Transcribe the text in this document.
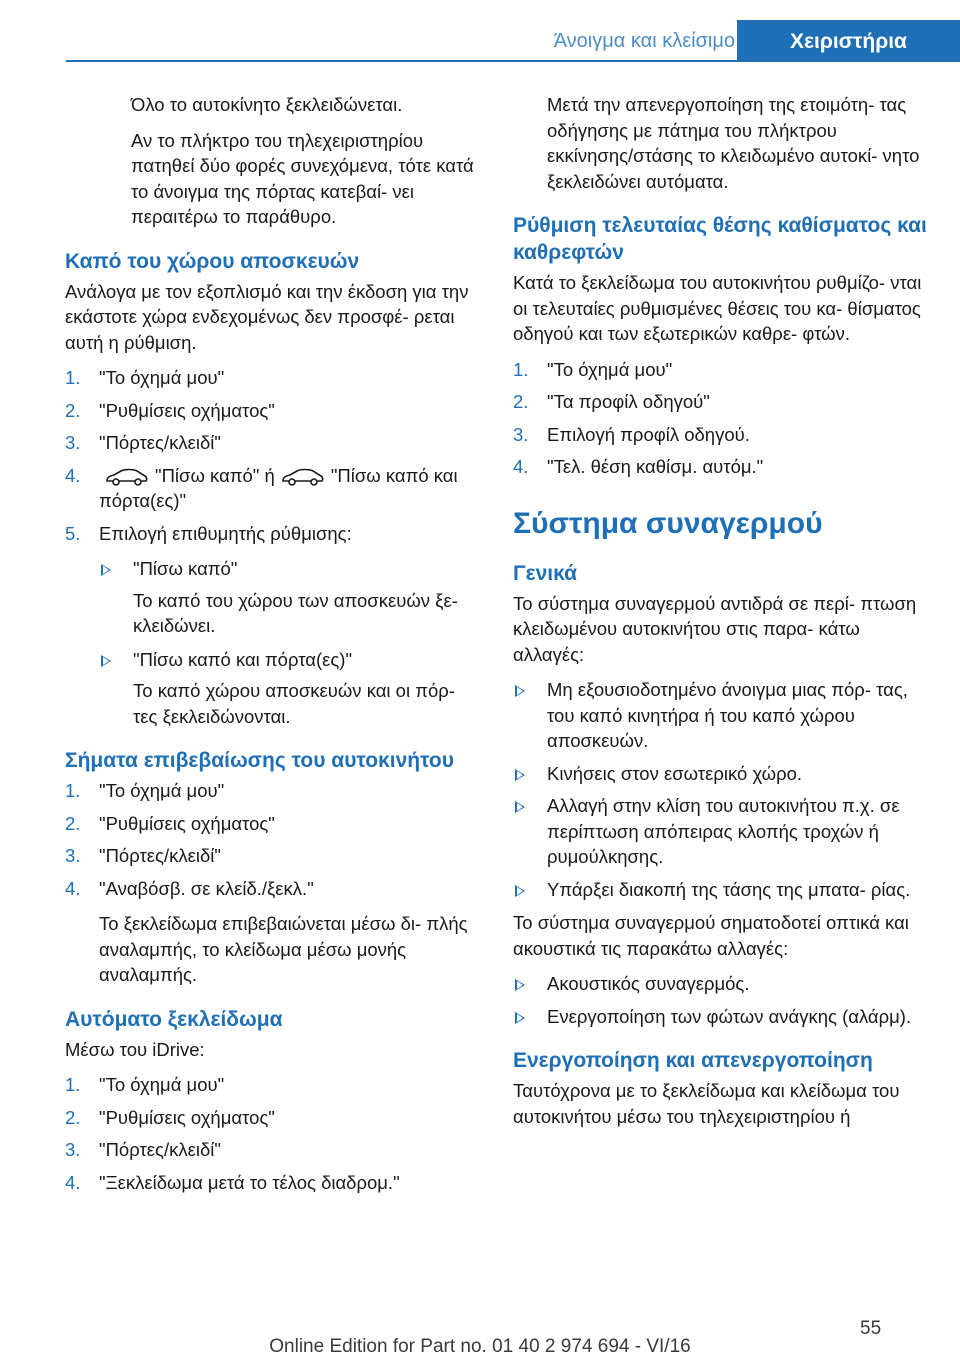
Άνοιγμα και κλείσιμο	Χειριστήρια

Όλο το αυτοκίνητο ξεκλειδώνεται.

Αν το πλήκτρο του τηλεχειριστηρίου πατηθεί δύο φορές συνεχόμενα, τότε κατά το άνοιγμα της πόρτας κατεβαί- νει περαιτέρω το παράθυρο.

Καπό του χώρου αποσκευών

Ανάλογα με τον εξοπλισμό και την έκδοση για την εκάστοτε χώρα ενδεχομένως δεν προσφέ- ρεται αυτή η ρύθμιση.

1. "Το όχημά μου"
2. "Ρυθμίσεις οχήματος"
3. "Πόρτες/κλειδί"
4.	"Πίσω καπό" ή	"Πίσω καπό και πόρτα(ες)"
5. Επιλογή επιθυμητής ρύθμισης:
"Πίσω καπό"
Το καπό του χώρου των αποσκευών ξε- κλειδώνει.
"Πίσω καπό και πόρτα(ες)"
Το καπό χώρου αποσκευών και οι πόρ- τες ξεκλειδώνονται.
Σήματα επιβεβαίωσης του αυτοκινήτου
1. "Το όχημά μου"
2. "Ρυθμίσεις οχήματος"
3. "Πόρτες/κλειδί"
4. "Αναβόσβ. σε κλείδ./ξεκλ."

Το ξεκλείδωμα επιβεβαιώνεται μέσω δι- πλής αναλαμπής, το κλείδωμα μέσω μονής αναλαμπής.

Αυτόματο ξεκλείδωμα

Μέσω του iDrive:

1. "Το όχημά μου"
2. "Ρυθμίσεις οχήματος"
3. "Πόρτες/κλειδί"
4. "Ξεκλείδωμα μετά το τέλος διαδρομ."

Μετά την απενεργοποίηση της ετοιμότη- τας οδήγησης με πάτημα του πλήκτρου εκκίνησης/στάσης το κλειδωμένο αυτοκί- νητο ξεκλειδώνει αυτόματα.

Ρύθμιση τελευταίας θέσης καθίσματος και καθρεφτών

Κατά το ξεκλείδωμα του αυτοκινήτου ρυθμίζο- νται οι τελευταίες ρυθμισμένες θέσεις του κα- θίσματος οδηγού και των εξωτερικών καθρε- φτών.

1. "Το όχημά μου"
2. "Τα προφίλ οδηγού"
3. Επιλογή προφίλ οδηγού.
4. "Τελ. θέση καθίσμ. αυτόμ."
Σύστημα συναγερμού
Γενικά

Το σύστημα συναγερμού αντιδρά σε περί- πτωση κλειδωμένου αυτοκινήτου στις παρα- κάτω αλλαγές:

Μη εξουσιοδοτημένο άνοιγμα μιας πόρ- τας, του καπό κινητήρα ή του καπό χώρου αποσκευών.
Κινήσεις στον εσωτερικό χώρο.
Αλλαγή στην κλίση του αυτοκινήτου π.χ. σε περίπτωση απόπειρας κλοπής τροχών ή ρυμούλκησης.
Υπάρξει διακοπή της τάσης της μπατα- ρίας.

Το σύστημα συναγερμού σηματοδοτεί οπτικά και ακουστικά τις παρακάτω αλλαγές:

Ακουστικός συναγερμός.
Ενεργοποίηση των φώτων ανάγκης (αλάρμ).
Ενεργοποίηση και απενεργοποίηση

Ταυτόχρονα με το ξεκλείδωμα και κλείδωμα του αυτοκινήτου μέσω του τηλεχειριστηρίου ή

55
Online Edition for Part no. 01 40 2 974 694 - VI/16
